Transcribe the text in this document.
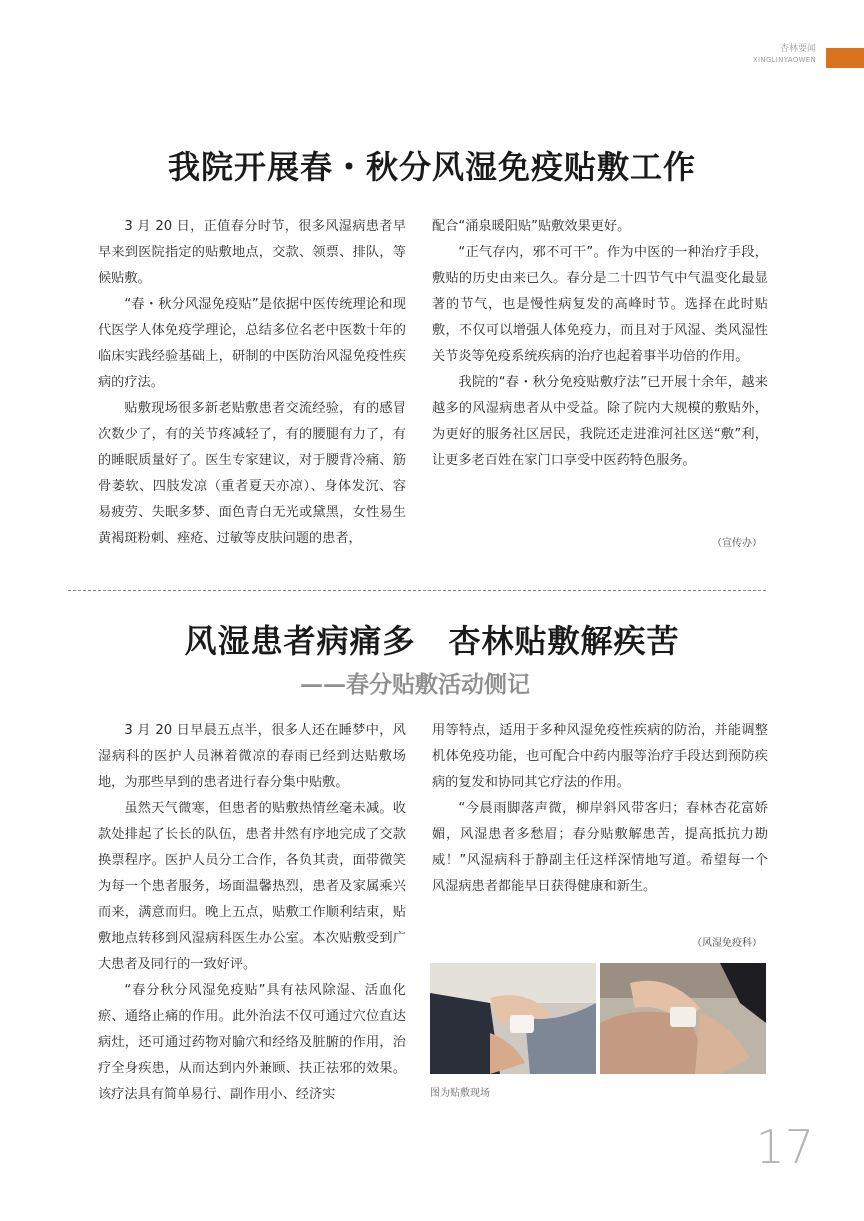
杏林要闻
XINGLINYAOWEN
我院开展春・秋分风湿免疫贴敷工作

3 月 20 日，正值春分时节，很多风湿病患者早早来到医院指定的贴敷地点，交款、领票、排队，等候贴敷。

“春・秋分风湿免疫贴”是依据中医传统理论和现代医学人体免疫学理论，总结多位名老中医数十年的临床实践经验基础上，研制的中医防治风湿免疫性疾病的疗法。

贴敷现场很多新老贴敷患者交流经验，有的感冒次数少了，有的关节疼减轻了，有的腰腿有力了，有的睡眠质量好了。医生专家建议，对于腰背冷痛、筋骨萎软、四肢发凉（重者夏天亦凉）、身体发沉、容易疲劳、失眠多梦、面色青白无光或黛黑，女性易生黄褐斑粉刺、痤疮、过敏等皮肤问题的患者，

配合“涌泉暖阳贴”贴敷效果更好。

“正气存内，邪不可干”。作为中医的一种治疗手段，敷贴的历史由来已久。春分是二十四节气中气温变化最显著的节气，也是慢性病复发的高峰时节。选择在此时贴敷，不仅可以增强人体免疫力，而且对于风湿、类风湿性关节炎等免疫系统疾病的治疗也起着事半功倍的作用。

我院的“春・秋分免疫贴敷疗法”已开展十余年，越来越多的风湿病患者从中受益。除了院内大规模的敷贴外，为更好的服务社区居民，我院还走进淮河社区送“敷”利，让更多老百姓在家门口享受中医药特色服务。

（宣传办）
风湿患者病痛多　杏林贴敷解疾苦
——春分贴敷活动侧记

3 月 20 日早晨五点半，很多人还在睡梦中，风湿病科的医护人员淋着微凉的春雨已经到达贴敷场地，为那些早到的患者进行春分集中贴敷。

虽然天气微寒，但患者的贴敷热情丝毫未减。收款处排起了长长的队伍，患者井然有序地完成了交款换票程序。医护人员分工合作，各负其责，面带微笑为每一个患者服务，场面温馨热烈，患者及家属乘兴而来，满意而归。晚上五点，贴敷工作顺利结束，贴敷地点转移到风湿病科医生办公室。本次贴敷受到广大患者及同行的一致好评。

“春分秋分风湿免疫贴”具有祛风除湿、活血化瘀、通络止痛的作用。此外治法不仅可通过穴位直达病灶，还可通过药物对腧穴和经络及脏腑的作用，治疗全身疾患，从而达到内外兼顾、扶正祛邪的效果。该疗法具有简单易行、副作用小、经济实

用等特点，适用于多种风湿免疫性疾病的防治，并能调整机体免疫功能，也可配合中药内服等治疗手段达到预防疾病的复发和协同其它疗法的作用。

“今晨雨脚落声微，柳岸斜风带客归；春林杏花富娇媚，风湿患者多愁眉；春分贴敷解患苦，提高抵抗力勘威！”风湿病科于静副主任这样深情地写道。希望每一个风湿病患者都能早日获得健康和新生。

（风湿免疫科）
图为贴敷现场
17
